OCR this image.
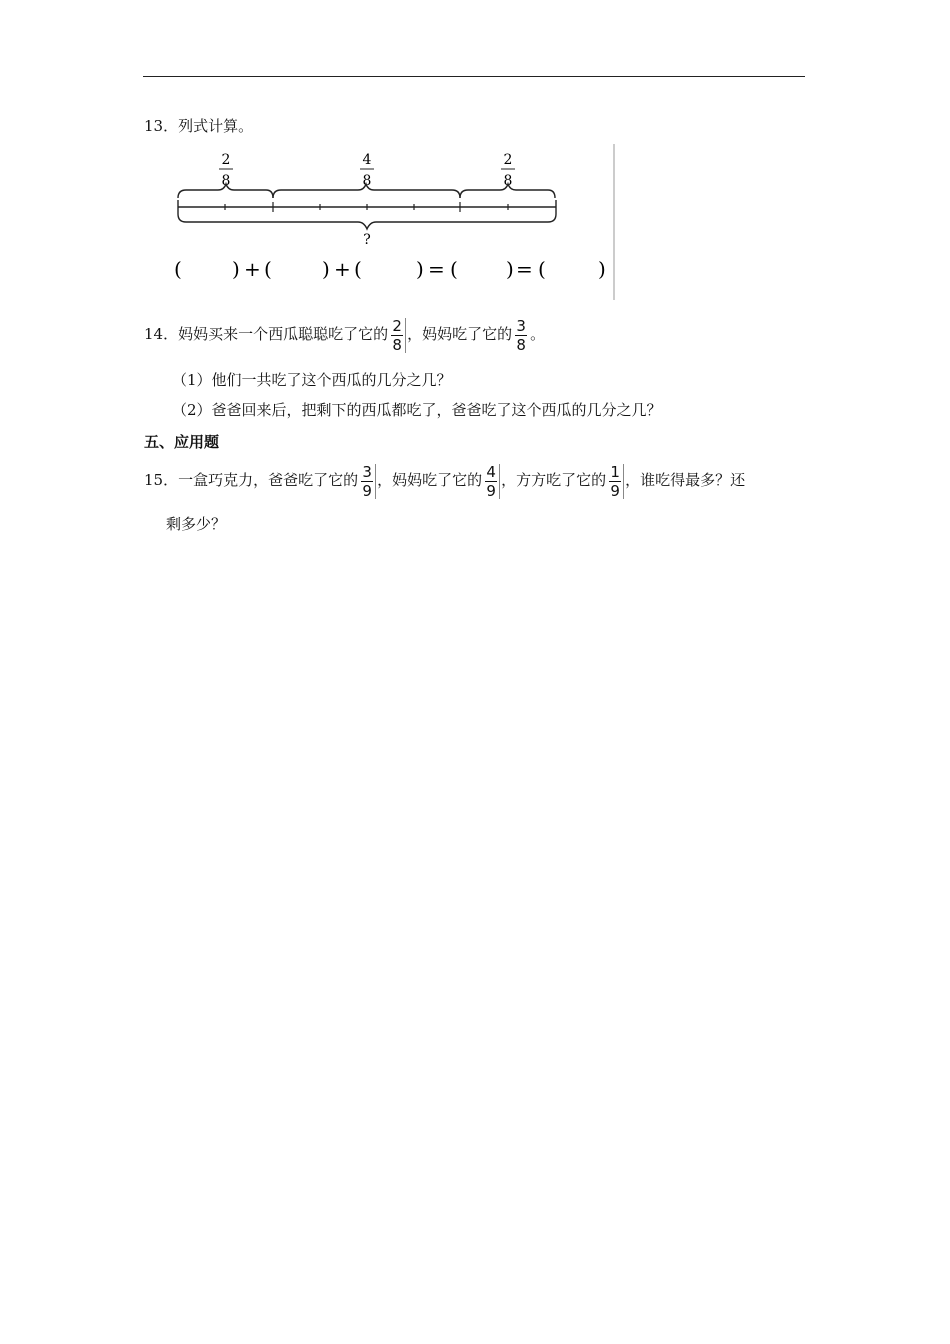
13．列式计算。
2
8
4
8
2
8
?
(	) + (	) + (	) = ( ) = (	)
14．妈妈买来一个西瓜聪聪吃了它的 $\frac{2}{8}$ ，妈妈吃了它的 $\frac{3}{8}$ 。
（1）他们一共吃了这个西瓜的几分之几？
（2）爸爸回来后，把剩下的西瓜都吃了，爸爸吃了这个西瓜的几分之几？
五、应用题
15．一盒巧克力，爸爸吃了它的 $\frac{3}{9}$ ，妈妈吃了它的 $\frac{4}{9}$ ，方方吃了它的 $\frac{1}{9}$ ，谁吃得最多？还
剩多少？
